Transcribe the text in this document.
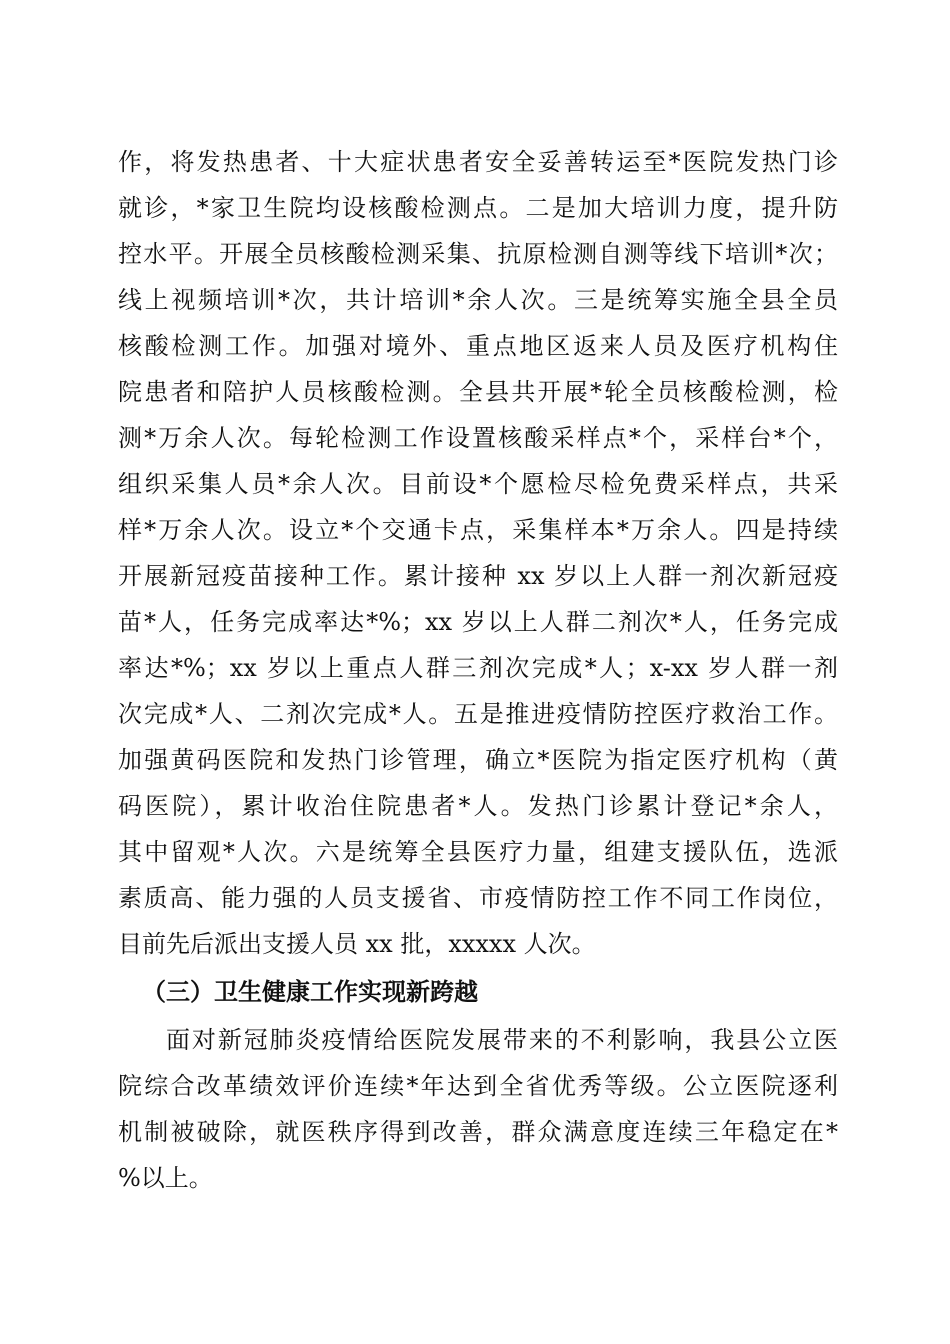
作，将发热患者、十大症状患者安全妥善转运至*医院发热门诊
就诊，*家卫生院均设核酸检测点。二是加大培训力度，提升防
控水平。开展全员核酸检测采集、抗原检测自测等线下培训*次；
线上视频培训*次，共计培训*余人次。三是统筹实施全县全员
核酸检测工作。加强对境外、重点地区返来人员及医疗机构住
院患者和陪护人员核酸检测。全县共开展*轮全员核酸检测，检
测*万余人次。每轮检测工作设置核酸采样点*个，采样台*个，
组织采集人员*余人次。目前设*个愿检尽检免费采样点，共采
样*万余人次。设立*个交通卡点，采集样本*万余人。四是持续
开展新冠疫苗接种工作。累计接种 xx 岁以上人群一剂次新冠疫
苗*人，任务完成率达*%；xx 岁以上人群二剂次*人，任务完成
率达*%；xx 岁以上重点人群三剂次完成*人；x-xx 岁人群一剂
次完成*人、二剂次完成*人。五是推进疫情防控医疗救治工作。
加强黄码医院和发热门诊管理，确立*医院为指定医疗机构（黄
码医院），累计收治住院患者*人。发热门诊累计登记*余人，
其中留观*人次。六是统筹全县医疗力量，组建支援队伍，选派
素质高、能力强的人员支援省、市疫情防控工作不同工作岗位，
目前先后派出支援人员 xx 批，xxxxx 人次。
（三）卫生健康工作实现新跨越
面对新冠肺炎疫情给医院发展带来的不利影响，我县公立医
院综合改革绩效评价连续*年达到全省优秀等级。公立医院逐利
机制被破除，就医秩序得到改善，群众满意度连续三年稳定在*
%以上。
